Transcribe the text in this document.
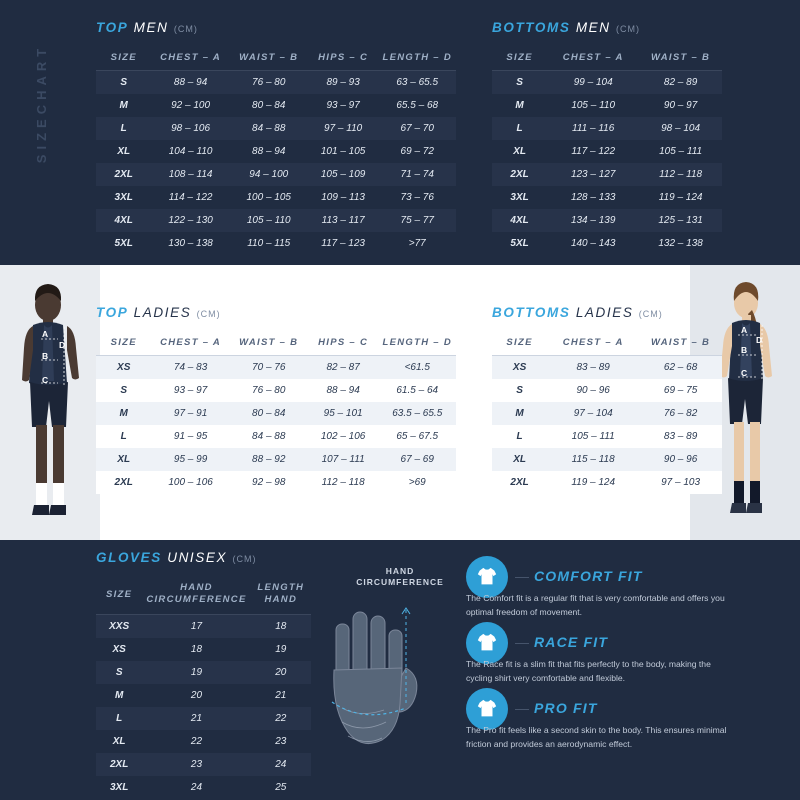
SIZECHART
TOP MEN (CM)
SIZE	CHEST – A	WAIST – B	HIPS – C	LENGTH – D
S	88 – 94	76 – 80	89 – 93	63 – 65.5
M	92 – 100	80 – 84	93 – 97	65.5 – 68
L	98 – 106	84 – 88	97 – 110	67 – 70
XL	104 – 110	88 – 94	101 – 105	69 – 72
2XL	108 – 114	94 – 100	105 – 109	71 – 74
3XL	114 – 122	100 – 105	109 – 113	73 – 76
4XL	122 – 130	105 – 110	113 – 117	75 – 77
5XL	130 – 138	110 – 115	117 – 123	>77
BOTTOMS MEN (CM)
SIZE	CHEST – A	WAIST – B
S	99 – 104	82 – 89
M	105 – 110	90 – 97
L	111 – 116	98 – 104
XL	117 – 122	105 – 111
2XL	123 – 127	112 – 118
3XL	128 – 133	119 – 124
4XL	134 – 139	125 – 131
5XL	140 – 143	132 – 138
A
B
C
D
A
B
C
D
TOP LADIES (CM)
SIZE	CHEST – A	WAIST – B	HIPS – C	LENGTH – D
XS	74 – 83	70 – 76	82 – 87	<61.5
S	93 – 97	76 – 80	88 – 94	61.5 – 64
M	97 – 91	80 – 84	95 – 101	63.5 – 65.5
L	91 – 95	84 – 88	102 – 106	65 – 67.5
XL	95 – 99	88 – 92	107 – 111	67 – 69
2XL	100 – 106	92 – 98	112 – 118	>69
BOTTOMS LADIES (CM)
SIZE	CHEST – A	WAIST – B
XS	83 – 89	62 – 68
S	90 – 96	69 – 75
M	97 – 104	76 – 82
L	105 – 111	83 – 89
XL	115 – 118	90 – 96
2XL	119 – 124	97 – 103
GLOVES UNISEX (CM)
SIZE	HAND CIRCUMFERENCE	LENGTH HAND
XXS	17	18
XS	18	19
S	19	20
M	20	21
L	21	22
XL	22	23
2XL	23	24
3XL	24	25
HAND CIRCUMFERENCE	COMFORT FIT
The Comfort fit is a regular fit that is very comfortable and offers you optimal freedom of movement.
RACE FIT
The Race fit is a slim fit that fits perfectly to the body, making the cycling shirt very comfortable and flexible.
PRO FIT
The Pro fit feels like a second skin to the body. This ensures minimal friction and provides an aerodynamic effect.
